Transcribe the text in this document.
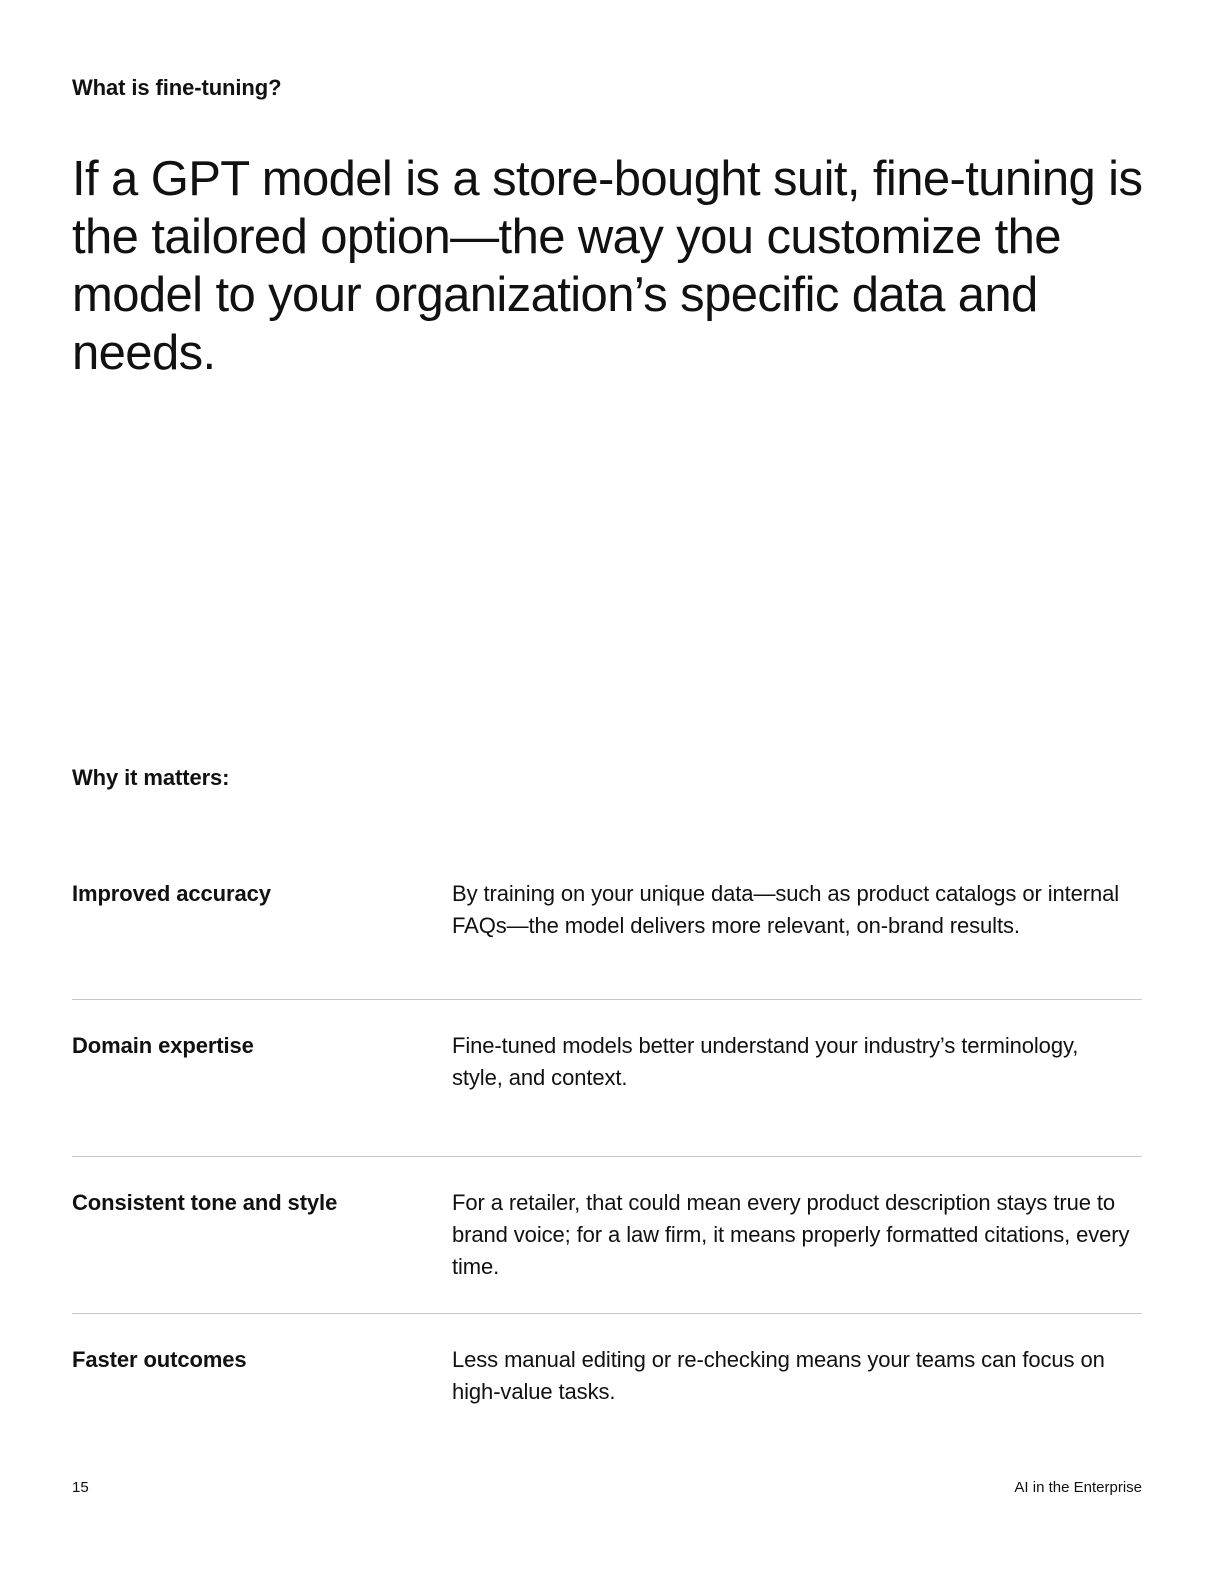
What is fine-tuning?
If a GPT model is a store-bought suit, fine-tuning is the tailored option—the way you customize the model to your organization’s specific data and needs.
Why it matters:
Improved accuracy	By training on your unique data—such as product catalogs or internal FAQs—the model delivers more relevant, on-brand results.
Domain expertise	Fine-tuned models better understand your industry’s terminology, style, and context.
Consistent tone and style	For a retailer, that could mean every product description stays true to brand voice; for a law firm, it means properly formatted citations, every time.
Faster outcomes	Less manual editing or re-checking means your teams can focus on high-value tasks.
15	AI in the Enterprise
